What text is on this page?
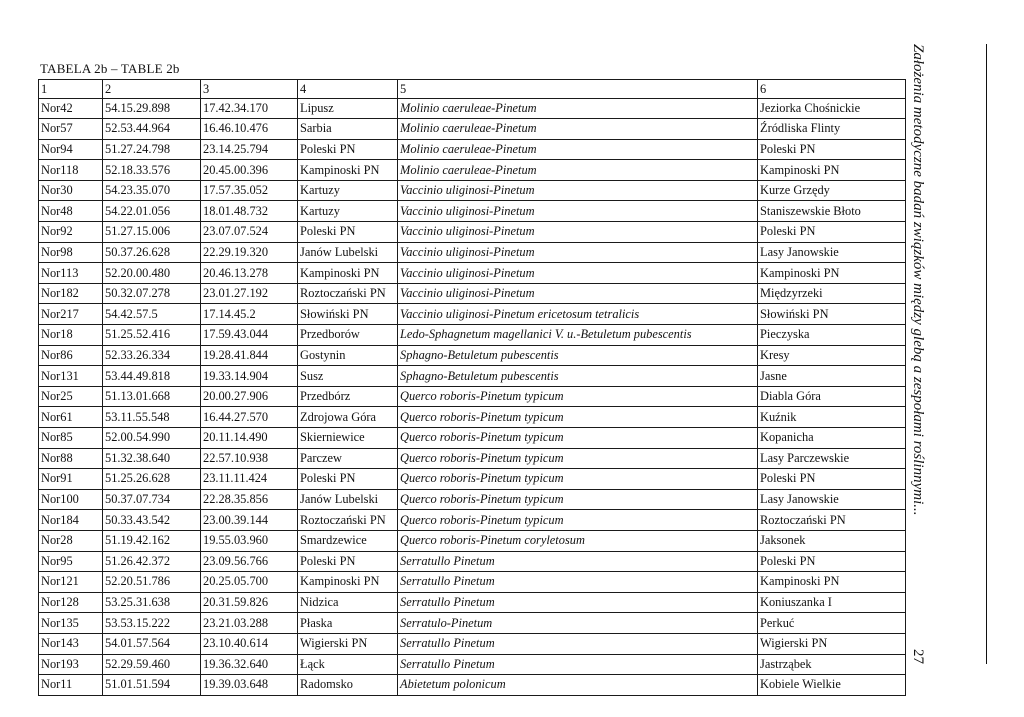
TABELA 2b – TABLE 2b
1	2	3	4	5	6
Nor42	54.15.29.898	17.42.34.170	Lipusz	Molinio caeruleae-Pinetum	Jeziorka Chośnickie
Nor57	52.53.44.964	16.46.10.476	Sarbia	Molinio caeruleae-Pinetum	Źródliska Flinty
Nor94	51.27.24.798	23.14.25.794	Poleski PN	Molinio caeruleae-Pinetum	Poleski PN
Nor118	52.18.33.576	20.45.00.396	Kampinoski PN	Molinio caeruleae-Pinetum	Kampinoski PN
Nor30	54.23.35.070	17.57.35.052	Kartuzy	Vaccinio uliginosi-Pinetum	Kurze Grzędy
Nor48	54.22.01.056	18.01.48.732	Kartuzy	Vaccinio uliginosi-Pinetum	Staniszewskie Błoto
Nor92	51.27.15.006	23.07.07.524	Poleski PN	Vaccinio uliginosi-Pinetum	Poleski PN
Nor98	50.37.26.628	22.29.19.320	Janów Lubelski	Vaccinio uliginosi-Pinetum	Lasy Janowskie
Nor113	52.20.00.480	20.46.13.278	Kampinoski PN	Vaccinio uliginosi-Pinetum	Kampinoski PN
Nor182	50.32.07.278	23.01.27.192	Roztoczański PN	Vaccinio uliginosi-Pinetum	Międzyrzeki
Nor217	54.42.57.5	17.14.45.2	Słowiński PN	Vaccinio uliginosi-Pinetum ericetosum tetralicis	Słowiński PN
Nor18	51.25.52.416	17.59.43.044	Przedborów	Ledo-Sphagnetum magellanici V. u.-Betuletum pubescentis	Pieczyska
Nor86	52.33.26.334	19.28.41.844	Gostynin	Sphagno-Betuletum pubescentis	Kresy
Nor131	53.44.49.818	19.33.14.904	Susz	Sphagno-Betuletum pubescentis	Jasne
Nor25	51.13.01.668	20.00.27.906	Przedbórz	Querco roboris-Pinetum typicum	Diabla Góra
Nor61	53.11.55.548	16.44.27.570	Zdrojowa Góra	Querco roboris-Pinetum typicum	Kuźnik
Nor85	52.00.54.990	20.11.14.490	Skierniewice	Querco roboris-Pinetum typicum	Kopanicha
Nor88	51.32.38.640	22.57.10.938	Parczew	Querco roboris-Pinetum typicum	Lasy Parczewskie
Nor91	51.25.26.628	23.11.11.424	Poleski PN	Querco roboris-Pinetum typicum	Poleski PN
Nor100	50.37.07.734	22.28.35.856	Janów Lubelski	Querco roboris-Pinetum typicum	Lasy Janowskie
Nor184	50.33.43.542	23.00.39.144	Roztoczański PN	Querco roboris-Pinetum typicum	Roztoczański PN
Nor28	51.19.42.162	19.55.03.960	Smardzewice	Querco roboris-Pinetum coryletosum	Jaksonek
Nor95	51.26.42.372	23.09.56.766	Poleski PN	Serratullo Pinetum	Poleski PN
Nor121	52.20.51.786	20.25.05.700	Kampinoski PN	Serratullo Pinetum	Kampinoski PN
Nor128	53.25.31.638	20.31.59.826	Nidzica	Serratullo Pinetum	Koniuszanka I
Nor135	53.53.15.222	23.21.03.288	Płaska	Serratulo-Pinetum	Perkuć
Nor143	54.01.57.564	23.10.40.614	Wigierski PN	Serratullo Pinetum	Wigierski PN
Nor193	52.29.59.460	19.36.32.640	Łąck	Serratullo Pinetum	Jastrząbek
Nor11	51.01.51.594	19.39.03.648	Radomsko	Abietetum polonicum	Kobiele Wielkie
Założenia metodyczne badań związków między glebą a zespołami roślinnymi...
27
